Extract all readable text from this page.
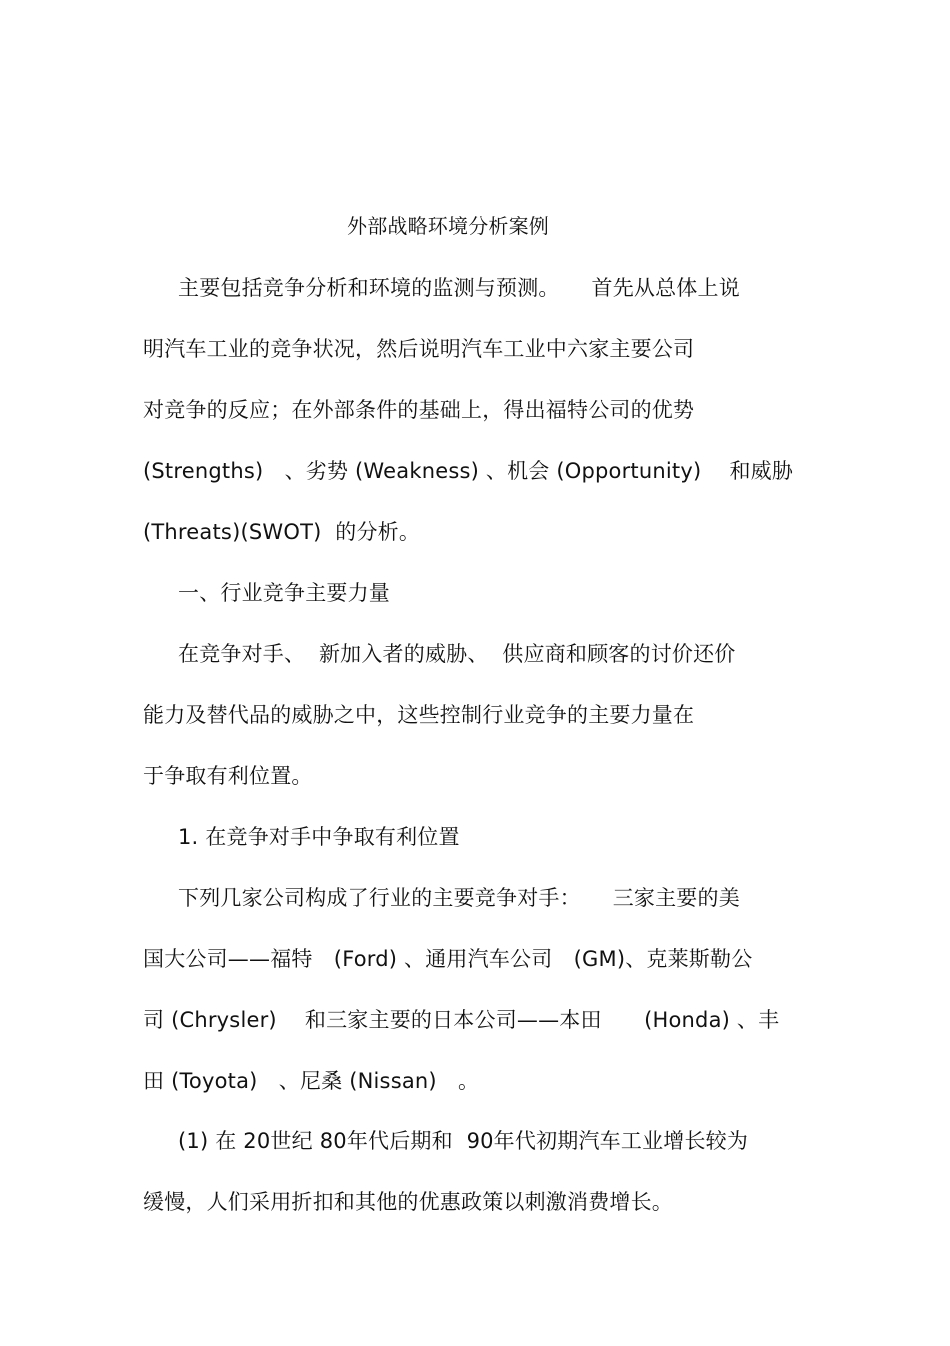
外部战略环境分析案例
主要包括竞争分析和环境的监测与预测。　　首先从总体上说
明汽车工业的竞争状况，然后说明汽车工业中六家主要公司
对竞争的反应；在外部条件的基础上，得出福特公司的优势
(Strengths)　、劣势 (Weakness) 、机会 (Opportunity)　 和威胁
(Threats)(SWOT)  的分析。
一、行业竞争主要力量
在竞争对手、  新加入者的威胁、  供应商和顾客的讨价还价
能力及替代品的威胁之中，这些控制行业竞争的主要力量在
于争取有利位置。
1. 在竞争对手中争取有利位置
下列几家公司构成了行业的主要竞争对手：　　三家主要的美
国大公司——福特　(Ford) 、通用汽车公司　(GM)、克莱斯勒公
司 (Chrysler)　 和三家主要的日本公司——本田　　(Honda) 、丰
田 (Toyota)　、尼桑 (Nissan)　。
(1) 在 20世纪 80年代后期和  90年代初期汽车工业增长较为
缓慢，人们采用折扣和其他的优惠政策以刺激消费增长。
